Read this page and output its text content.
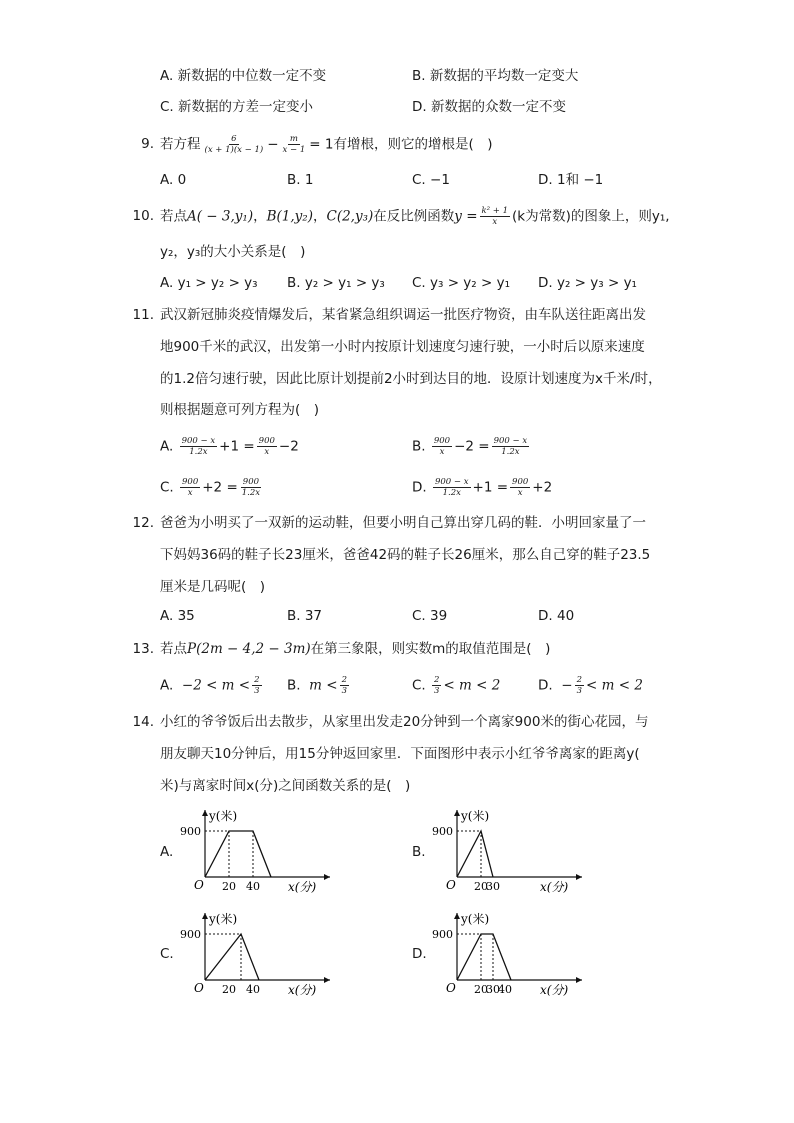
A. 新数据的中位数一定不变	B. 新数据的平均数一定变大
C. 新数据的方差一定变小	D. 新数据的众数一定不变
9. 若方程 $\frac{6}{(x + 1)(x - 1)} - \frac{m}{x - 1} = 1$有增根，则它的增根是(　)
A. 0	B. 1	C. −1	D. 1和 −1
10. 若点A( − 3,y₁)，B(1,y₂)，C(2,y₃)在反比例函数$y = \frac{\text{k² + 1}}{x} (k$为常数)的图象上，则y₁,
y₂，y₃的大小关系是(　)
A. y₁ > y₂ > y₃ B. y₂ > y₁ > y₃ C. y₃ > y₂ > y₁ D. y₂ > y₃ > y₁
11. 武汉新冠肺炎疫情爆发后，某省紧急组织调运一批医疗物资，由车队送往距离出发
地900千米的武汉，出发第一小时内按原计划速度匀速行驶，一小时后以原来速度
的1.2倍匀速行驶，因此比原计划提前2小时到达目的地．设原计划速度为x千米/时，
则根据题意可列方程为(　)
A. $\frac{900 - x}{1.2x} +1 = \frac{900}{x} -2$	B. $\frac{900}{x} -2 = \frac{900 - x}{1.2x}$
C. $\frac{900}{x} +2 = \frac{900}{1.2x}$	D. $\frac{900 - x}{1.2x} +1 = \frac{900}{x} +2$
12. 爸爸为小明买了一双新的运动鞋，但要小明自己算出穿几码的鞋．小明回家量了一
下妈妈36码的鞋子长23厘米，爸爸42码的鞋子长26厘米，那么自己穿的鞋子23.5
厘米是几码呢(　)
A. 35	B. 37	C. 39	D. 40
13. 若点P(2m − 4,2 − 3m)在第三象限，则实数m的取值范围是(　)
A. $-2 < m < \frac{2}{3} B$. $m < \frac{2}{3}$	C. $\frac{2}{3} < m < 2$	D. − $\frac{2}{3} < m < 2$
14. 小红的爷爷饭后出去散步，从家里出发走20分钟到一个离家900米的街心花园，与
朋友聊天10分钟后，用15分钟返回家里．下面图形中表示小红爷爷离家的距离y(
米)与离家时间x(分)之间函数关系的是(　)
A.	B.
C.	D.
y(米)
x(分)
O
900
20 40
y(米)
x(分)
O
900
20
30
y(米)
x(分)
O
900
20 40
y(米)
x(分)
O
900
20
30
40
